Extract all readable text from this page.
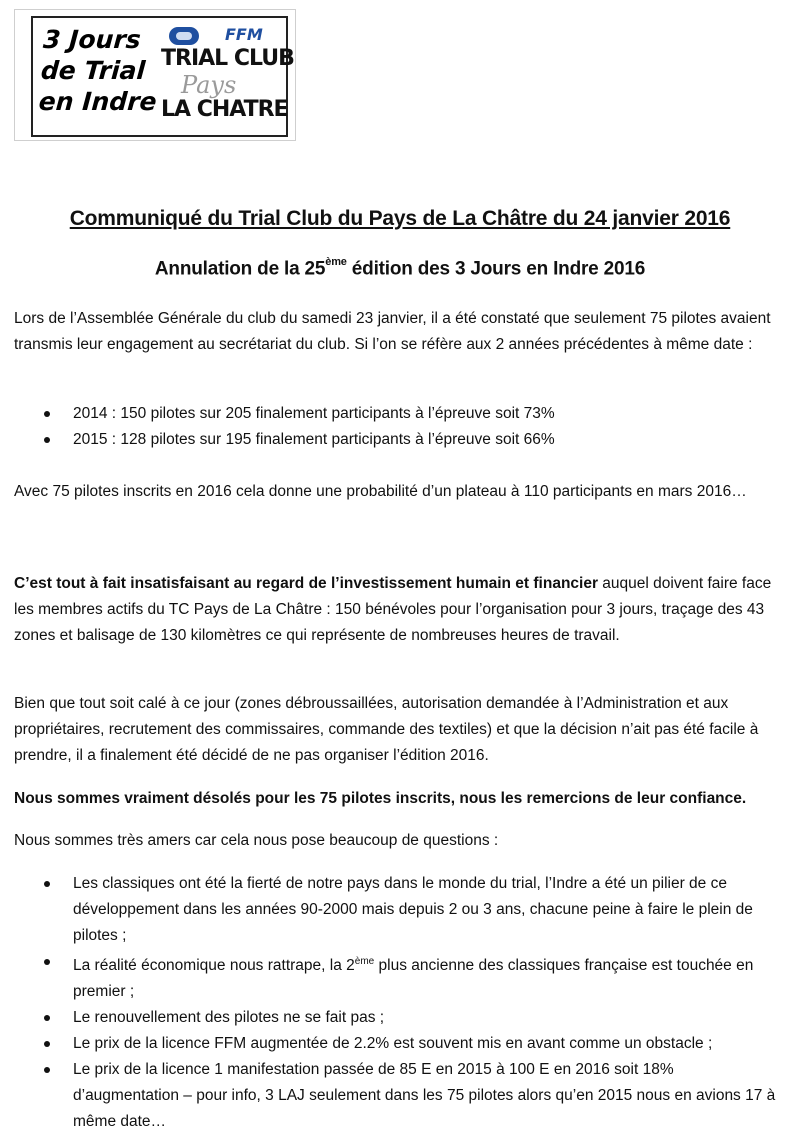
3 Jours
de Trial
en Indre
FFM
TRIAL CLUB
Pays
LA CHATRE
Communiqué du Trial Club du Pays de La Châtre du 24 janvier 2016
Annulation de la 25ème édition des 3 Jours en Indre 2016

Lors de l’Assemblée Générale du club du samedi 23 janvier, il a été constaté que seulement 75 pilotes avaient transmis leur engagement au secrétariat du club. Si l’on se réfère aux 2 années précédentes à même date :

2014 : 150 pilotes sur 205 finalement participants à l’épreuve soit 73%
2015 : 128 pilotes sur 195 finalement participants à l’épreuve soit 66%

Avec 75 pilotes inscrits en 2016 cela donne une probabilité d’un plateau à 110 participants en mars 2016…

C’est tout à fait insatisfaisant au regard de l’investissement humain et financier auquel doivent faire face les membres actifs du TC Pays de La Châtre : 150 bénévoles pour l’organisation pour 3 jours, traçage des 43 zones et balisage de 130 kilomètres ce qui représente de nombreuses heures de travail.

Bien que tout soit calé à ce jour (zones débroussaillées, autorisation demandée à l’Administration et aux propriétaires, recrutement des commissaires, commande des textiles) et que la décision n’ait pas été facile à prendre, il a finalement été décidé de ne pas organiser l’édition 2016.

Nous sommes vraiment désolés pour les 75 pilotes inscrits, nous les remercions de leur confiance.

Nous sommes très amers car cela nous pose beaucoup de questions :

Les classiques ont été la fierté de notre pays dans le monde du trial, l’Indre a été un pilier de ce développement dans les années 90-2000 mais depuis 2 ou 3 ans, chacune peine à faire le plein de pilotes ;
La réalité économique nous rattrape, la 2ème plus ancienne des classiques française est touchée en premier ;
Le renouvellement des pilotes ne se fait pas ;
Le prix de la licence FFM augmentée de 2.2% est souvent mis en avant comme un obstacle ;
Le prix de la licence 1 manifestation passée de 85 E en 2015 à 100 E en 2016 soit 18% d’augmentation – pour info, 3 LAJ seulement dans les 75 pilotes alors qu’en 2015 nous en avions 17 à même date…
